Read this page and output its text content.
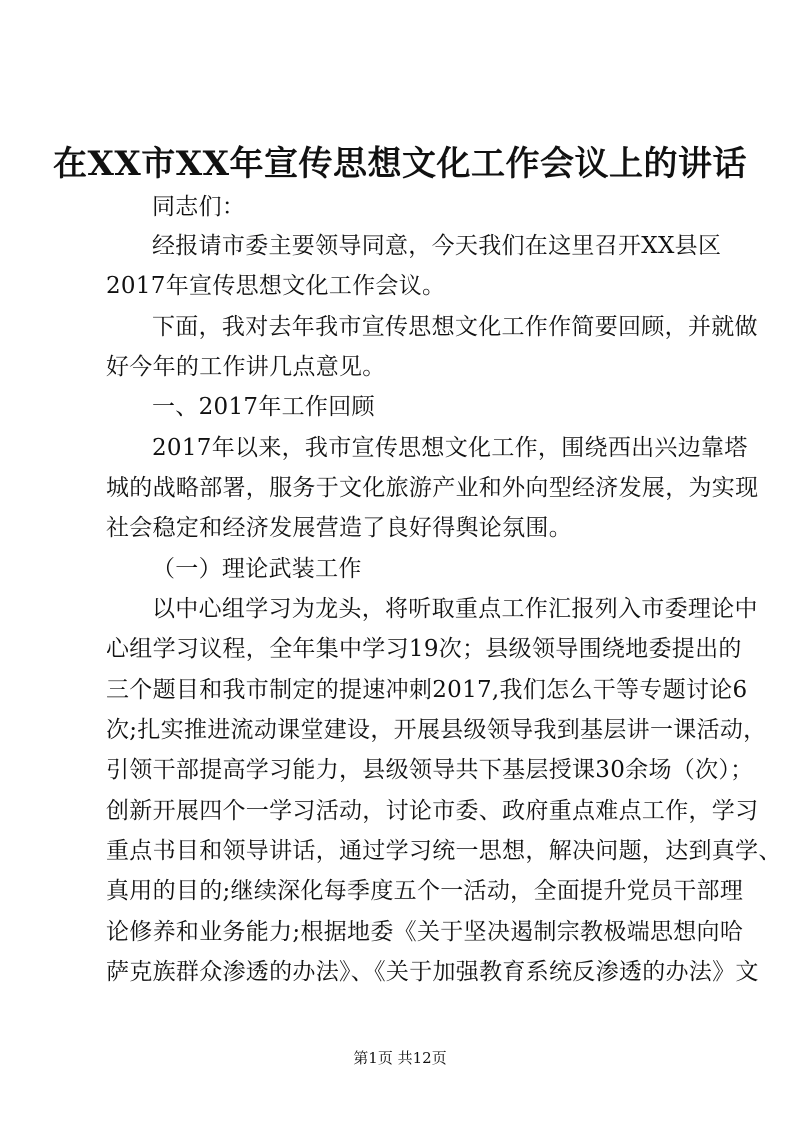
在XX市XX年宣传思想文化工作会议上的讲话
同志们：
经报请市委主要领导同意，今天我们在这里召开XX县区
2017年宣传思想文化工作会议。
下面，我对去年我市宣传思想文化工作作简要回顾，并就做
好今年的工作讲几点意见。
一、2017年工作回顾
2017年以来，我市宣传思想文化工作，围绕西出兴边靠塔
城的战略部署，服务于文化旅游产业和外向型经济发展，为实现
社会稳定和经济发展营造了良好得舆论氛围。
（一）理论武装工作
以中心组学习为龙头，将听取重点工作汇报列入市委理论中
心组学习议程，全年集中学习19次；县级领导围绕地委提出的
三个题目和我市制定的提速冲刺2017,我们怎么干等专题讨论6
次;扎实推进流动课堂建设，开展县级领导我到基层讲一课活动，
引领干部提高学习能力，县级领导共下基层授课30余场（次）；
创新开展四个一学习活动，讨论市委、政府重点难点工作，学习
重点书目和领导讲话，通过学习统一思想，解决问题，达到真学、
真用的目的;继续深化每季度五个一活动，全面提升党员干部理
论修养和业务能力;根据地委《关于坚决遏制宗教极端思想向哈
萨克族群众渗透的办法》、《关于加强教育系统反渗透的办法》文
第1页 共12页
